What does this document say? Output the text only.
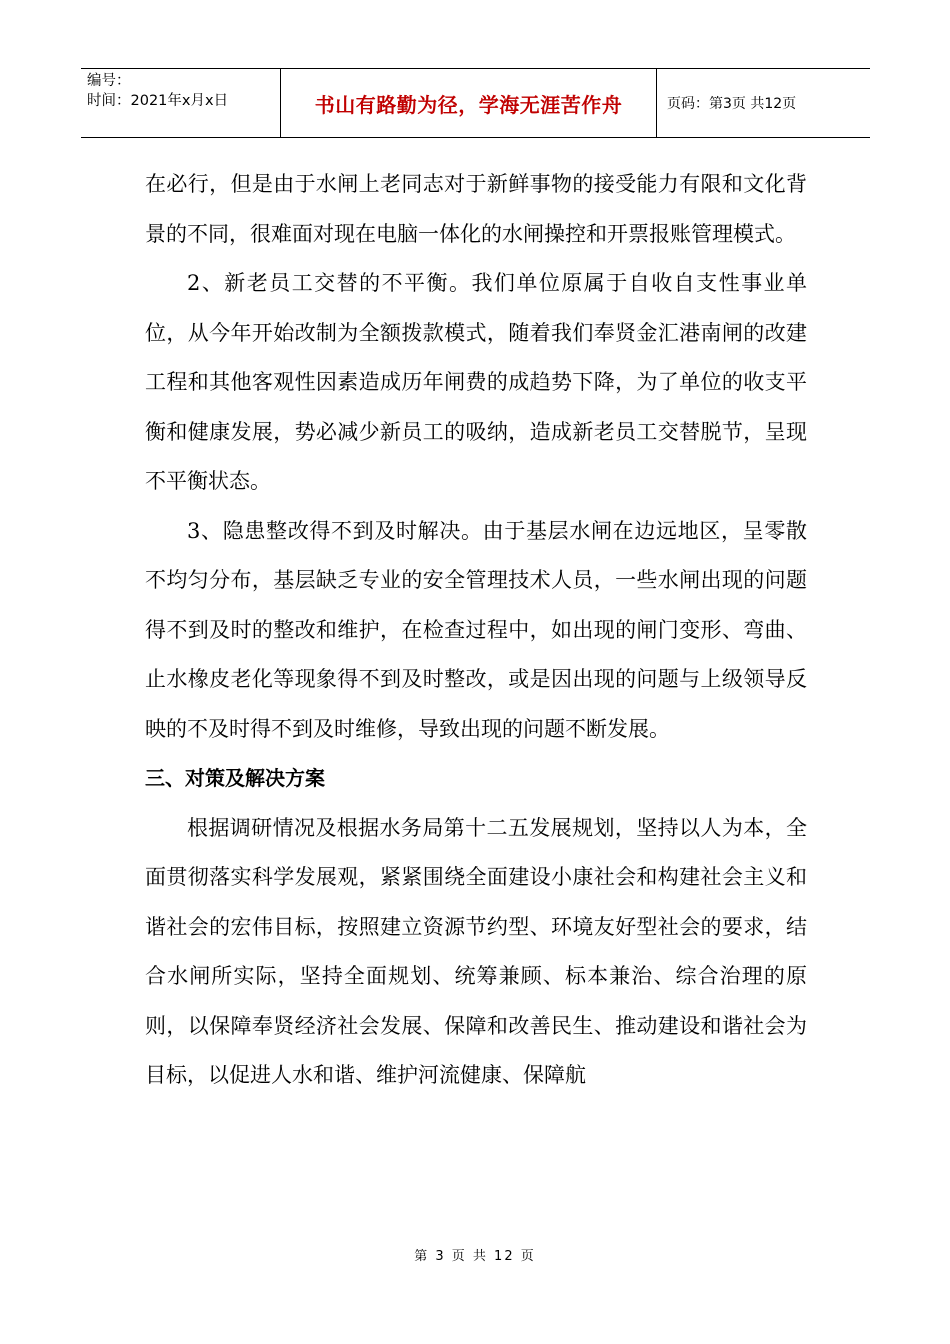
编号：
时间：2021年x月x日	书山有路勤为径，学海无涯苦作舟	页码：第3页 共12页

在必行，但是由于水闸上老同志对于新鲜事物的接受能力有限和文化背景的不同，很难面对现在电脑一体化的水闸操控和开票报账管理模式。

2、新老员工交替的不平衡。我们单位原属于自收自支性事业单位，从今年开始改制为全额拨款模式，随着我们奉贤金汇港南闸的改建工程和其他客观性因素造成历年闸费的成趋势下降，为了单位的收支平衡和健康发展，势必减少新员工的吸纳，造成新老员工交替脱节，呈现不平衡状态。

3、隐患整改得不到及时解决。由于基层水闸在边远地区，呈零散不均匀分布，基层缺乏专业的安全管理技术人员，一些水闸出现的问题得不到及时的整改和维护，在检查过程中，如出现的闸门变形、弯曲、止水橡皮老化等现象得不到及时整改，或是因出现的问题与上级领导反映的不及时得不到及时维修，导致出现的问题不断发展。

三、对策及解决方案

根据调研情况及根据水务局第十二五发展规划，坚持以人为本，全面贯彻落实科学发展观，紧紧围绕全面建设小康社会和构建社会主义和谐社会的宏伟目标，按照建立资源节约型、环境友好型社会的要求，结合水闸所实际，坚持全面规划、统筹兼顾、标本兼治、综合治理的原则，以保障奉贤经济社会发展、保障和改善民生、推动建设和谐社会为目标，以促进人水和谐、维护河流健康、保障航

第 3 页 共 12 页
